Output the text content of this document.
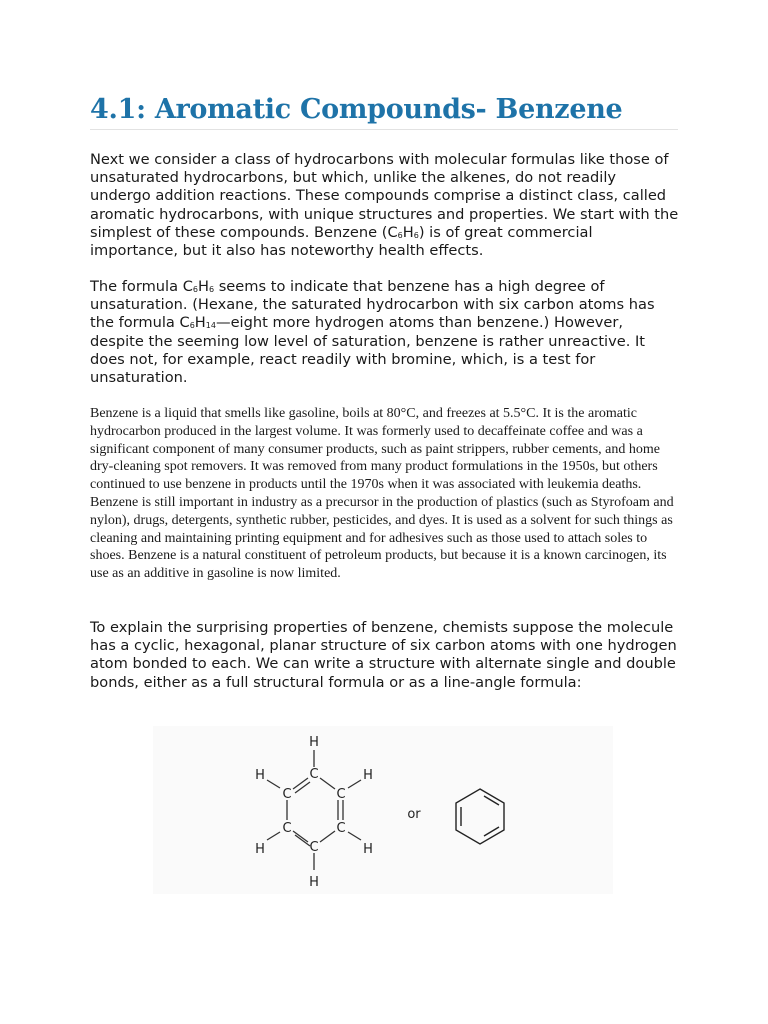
4.1: Aromatic Compounds- Benzene

Next we consider a class of hydrocarbons with molecular formulas like those of unsaturated hydrocarbons, but which, unlike the alkenes, do not readily undergo addition reactions. These compounds comprise a distinct class, called aromatic hydrocarbons, with unique structures and properties. We start with the simplest of these compounds. Benzene $(C_6H_6)$ is of great commercial importance, but it also has noteworthy health effects.

The formula $C_6H_6$ seems to indicate that benzene has a high degree of unsaturation. (Hexane, the saturated hydrocarbon with six carbon atoms has the formula $C_6H_{14}—eight$ more hydrogen atoms than benzene.) However, despite the seeming low level of saturation, benzene is rather unreactive. It does not, for example, react readily with bromine, which, is a test for unsaturation.

Benzene is a liquid that smells like gasoline, boils at 80°C, and freezes at 5.5°C. It is the aromatic hydrocarbon produced in the largest volume. It was formerly used to decaffeinate coffee and was a significant component of many consumer products, such as paint strippers, rubber cements, and home dry-cleaning spot removers. It was removed from many product formulations in the 1950s, but others continued to use benzene in products until the 1970s when it was associated with leukemia deaths. Benzene is still important in industry as a precursor in the production of plastics (such as Styrofoam and nylon), drugs, detergents, synthetic rubber, pesticides, and dyes. It is used as a solvent for such things as cleaning and maintaining printing equipment and for adhesives such as those used to attach soles to shoes. Benzene is a natural constituent of petroleum products, but because it is a known carcinogen, its use as an additive in gasoline is now limited.

To explain the surprising properties of benzene, chemists suppose the molecule has a cyclic, hexagonal, planar structure of six carbon atoms with one hydrogen atom bonded to each. We can write a structure with alternate single and double bonds, either as a full structural formula or as a line-angle formula:

C
C
C
C
C
C
H
H
H
H
H
H
or
